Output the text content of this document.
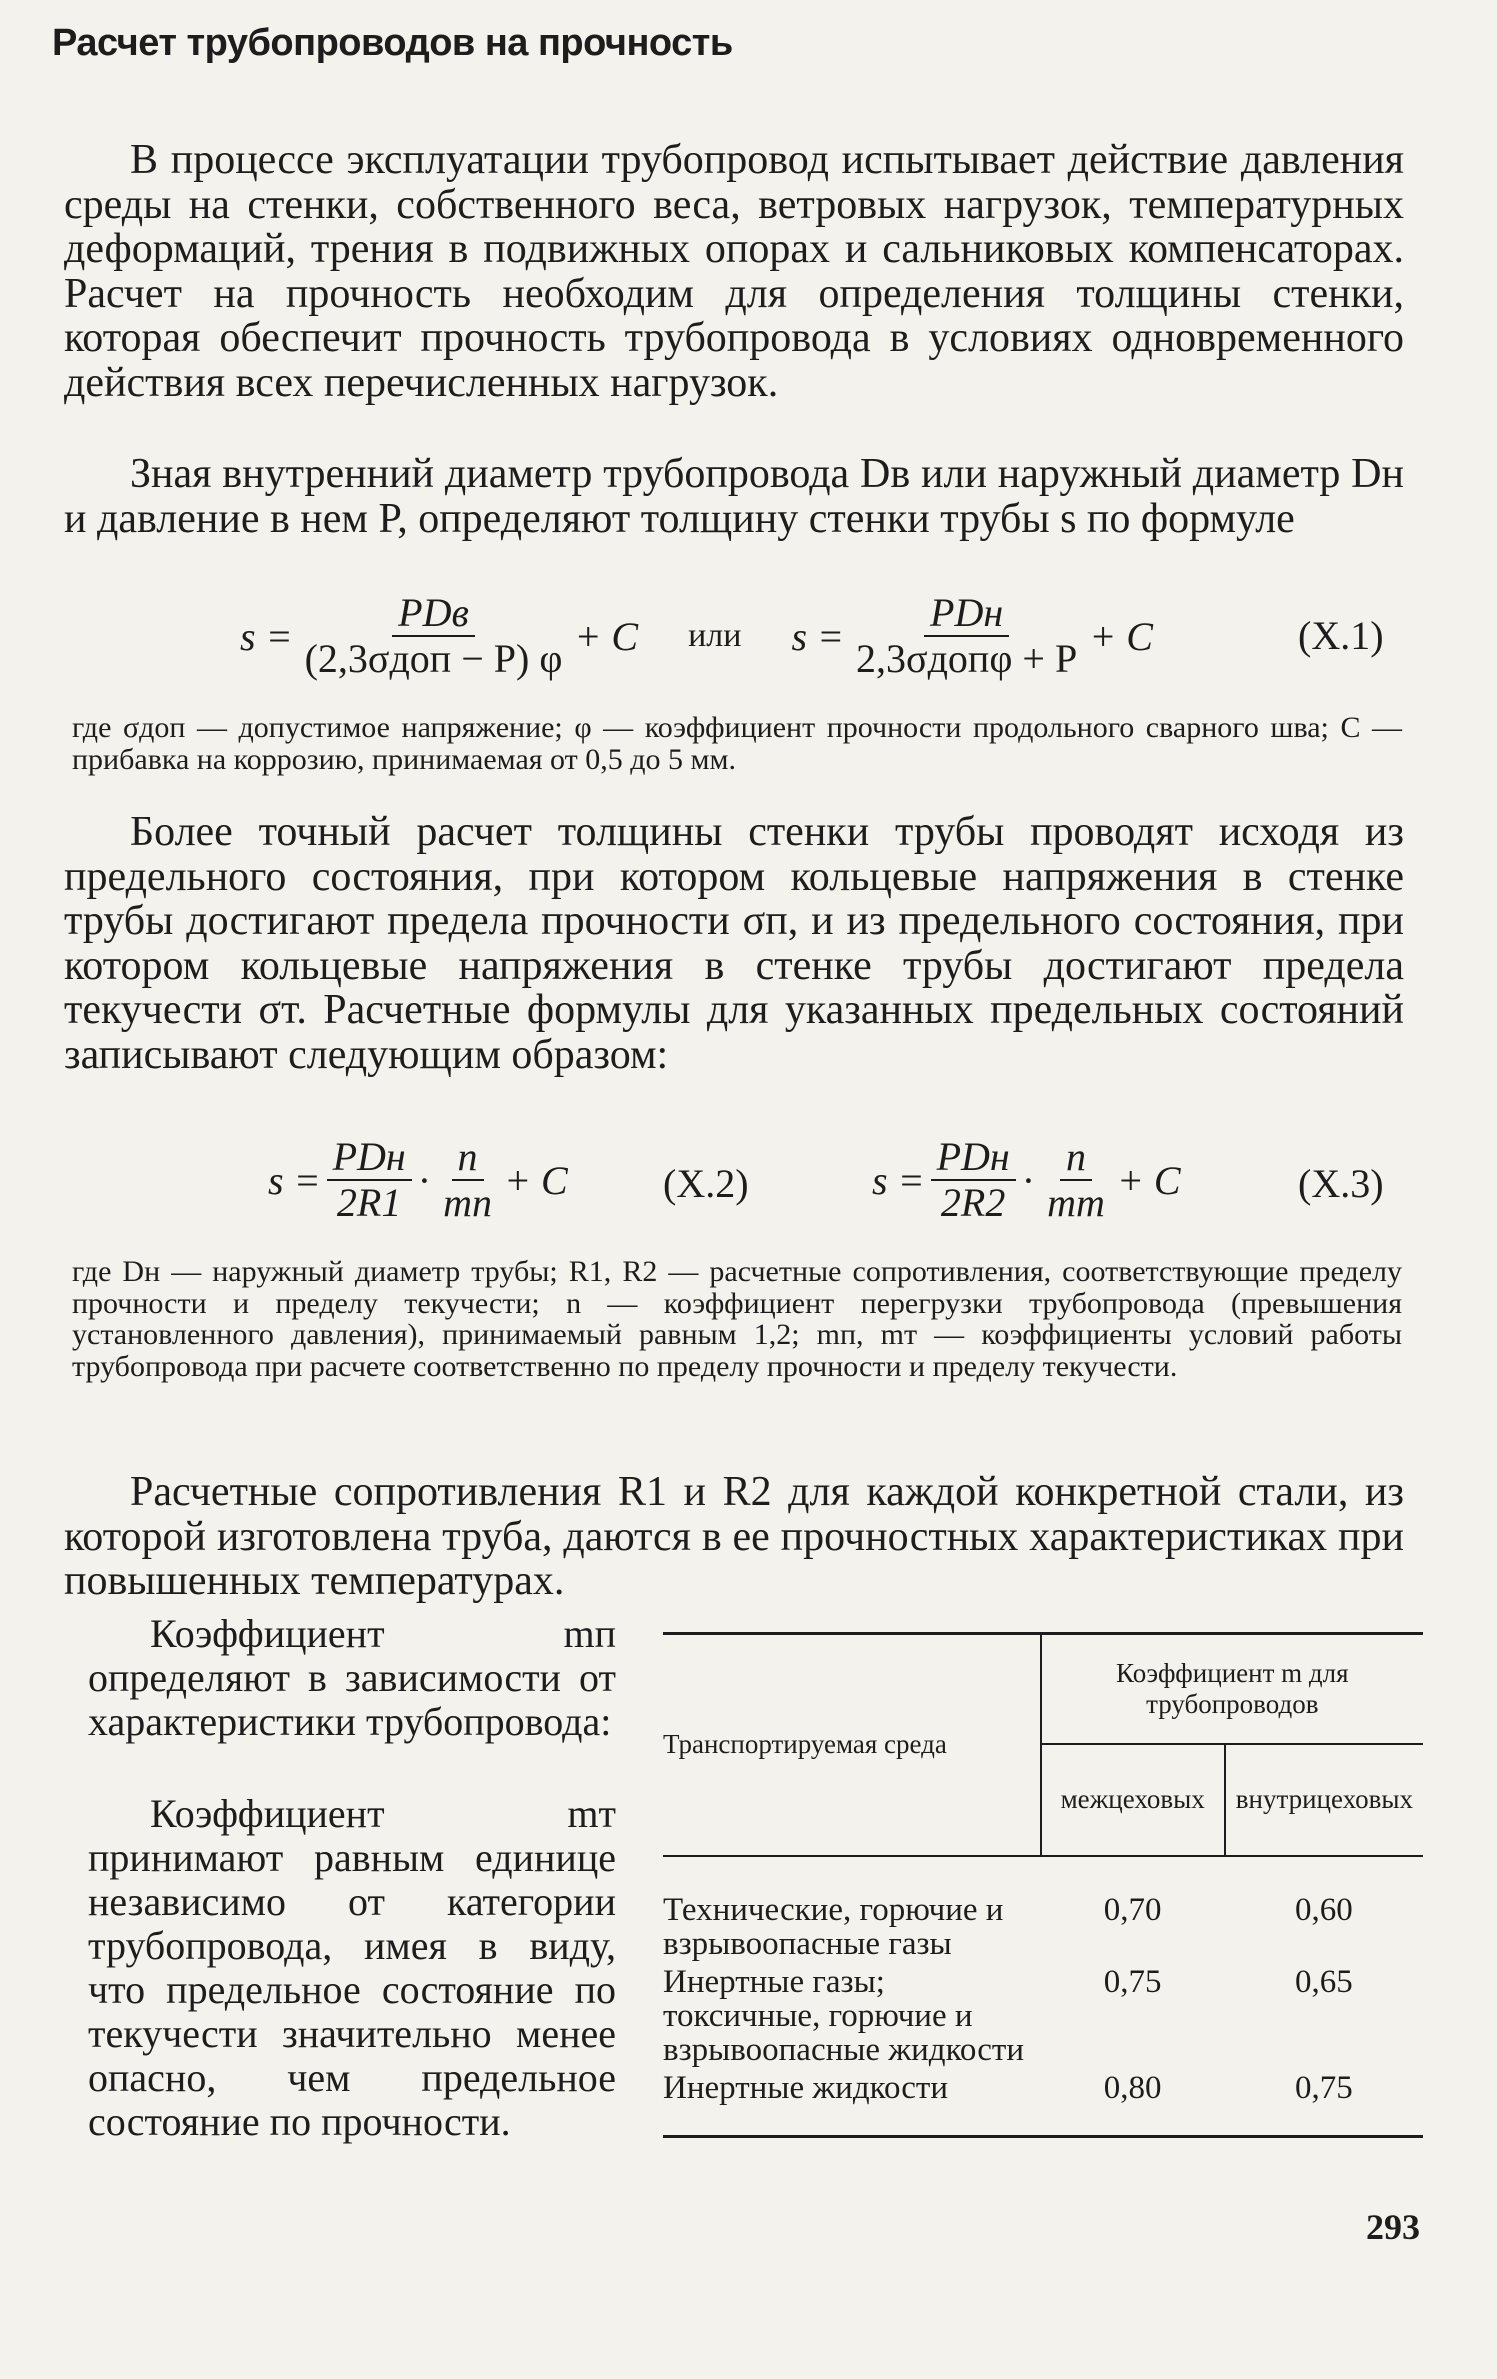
Расчет трубопроводов на прочность

В процессе эксплуатации трубопровод испытывает действие давления среды на стенки, собственного веса, ветровых нагрузок, температурных деформаций, трения в подвижных опорах и сальниковых компенсаторах. Расчет на прочность необходим для определения толщины стенки, которая обеспечит прочность трубопровода в условиях одновременного действия всех перечисленных нагрузок.

Зная внутренний диаметр трубопровода Dв или наружный диаметр Dн и давление в нем P, определяют толщину стенки трубы s по формуле

$s = \frac{\text{PDв}}{\text{(2,3σдоп − P) φ}} + C$ или $s = \frac{\text{PDн}}{\text{2,3σдопφ + P}} + C$	(X.1)

где σдоп — допустимое напряжение; φ — коэффициент прочности продольного сварного шва; C — прибавка на коррозию, принимаемая от 0,5 до 5 мм.

Более точный расчет толщины стенки трубы проводят исходя из предельного состояния, при котором кольцевые напряжения в стенке трубы достигают предела прочности σп, и из предельного состояния, при котором кольцевые напряжения в стенке трубы достигают предела текучести σт. Расчетные формулы для указанных предельных состояний записывают следующим образом:

$s = \frac{\text{PDн}}{2R1} \cdot \frac{n}{mп} + C$ (X.2)	$s = \frac{\text{PDн}}{2R2} \cdot \frac{n}{mт} + C$	(X.3)

где Dн — наружный диаметр трубы; R1, R2 — расчетные сопротивления, соответствующие пределу прочности и пределу текучести; n — коэффициент перегрузки трубопровода (превышения установленного давления), принимаемый равным 1,2; mп, mт — коэффициенты условий работы трубопровода при расчете соответственно по пределу прочности и пределу текучести.

Расчетные сопротивления R1 и R2 для каждой конкретной стали, из которой изготовлена труба, даются в ее прочностных характеристиках при повышенных температурах.

Коэффициент mп определяют в зависимости от характеристики трубопровода:

Коэффициент mт принимают равным единице независимо от категории трубопровода, имея в виду, что предельное состояние по текучести значительно менее опасно, чем предельное состояние по прочности.

Транспортируемая среда	Коэффициент m для трубопроводов	
	межцеховых	внутрицеховых
Технические, горючие и взрывоопасные газы	0,70	0,60
Инертные газы; токсичные, горючие и взрывоопасные жидкости	0,75	0,65
Инертные жидкости	0,80	0,75
293
